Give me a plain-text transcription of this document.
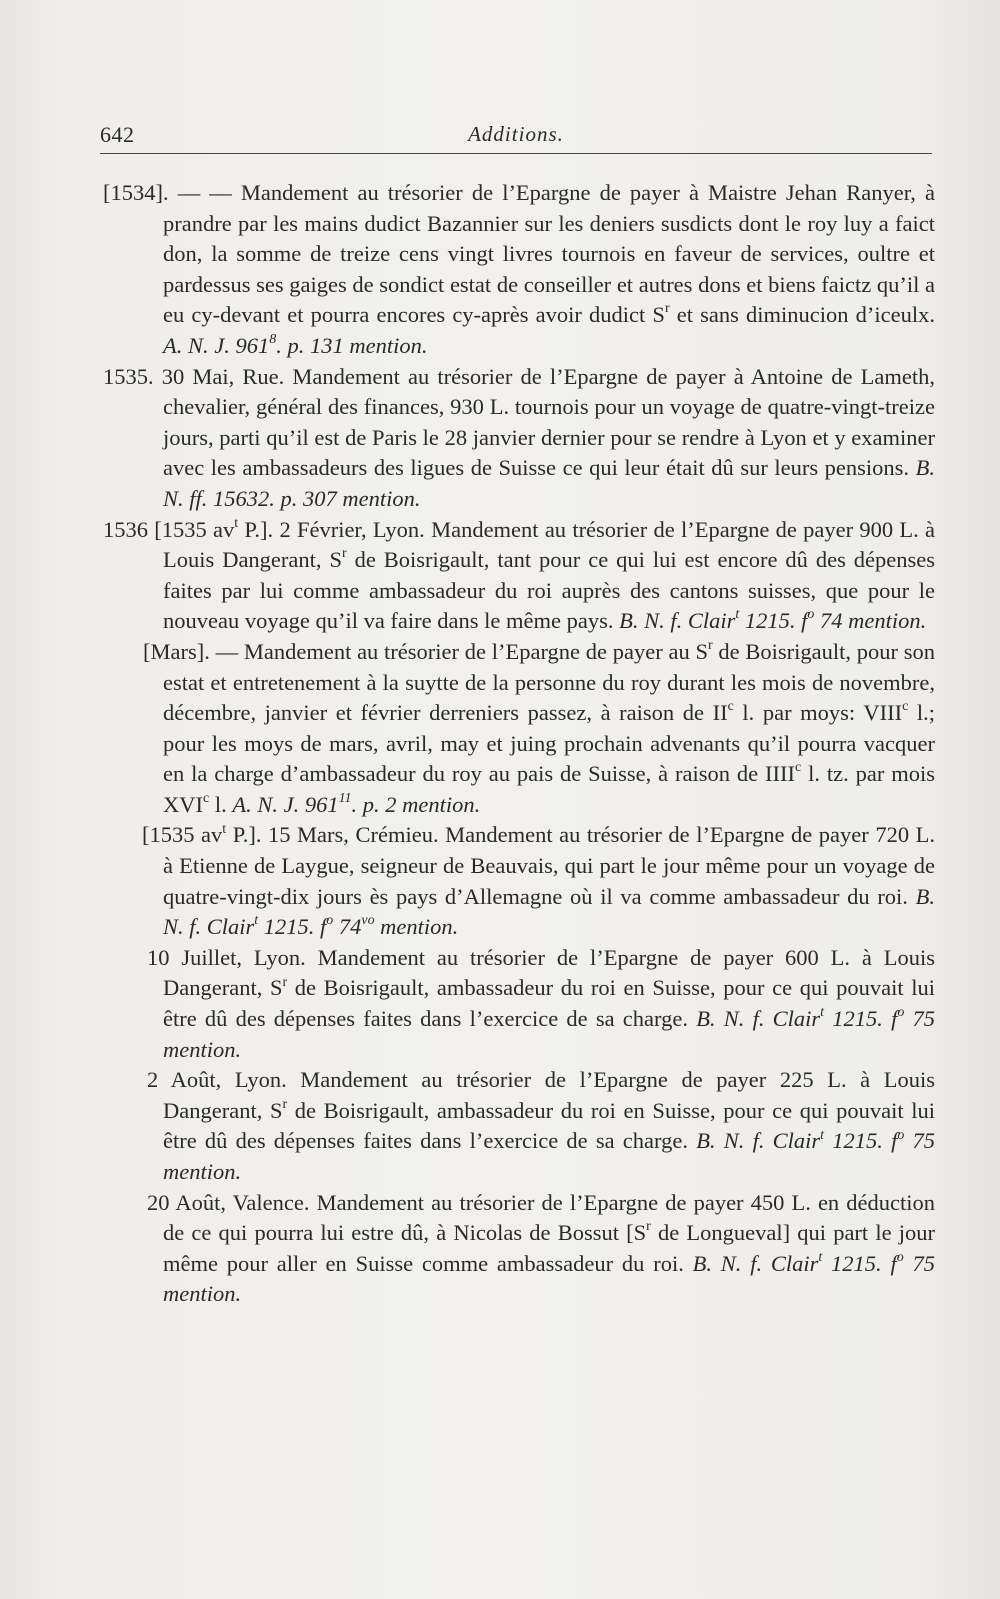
642	Additions.

[1534]. — — Mandement au trésorier de l’Epargne de payer à Maistre Jehan Ranyer, à prandre par les mains dudict Bazannier sur les deniers susdicts dont le roy luy a faict don, la somme de treize cens vingt livres tournois en faveur de services, oultre et pardessus ses gaiges de sondict estat de conseiller et autres dons et biens faictz qu’il a eu cy-devant et pourra encores cy-après avoir dudict $S^r$ et sans diminucion d’iceulx. A. N. J. $961^8$. p. 131 mention.

1535. 30 Mai, Rue. Mandement au trésorier de l’Epargne de payer à Antoine de Lameth, chevalier, général des finances, 930 L. tournois pour un voyage de quatre-vingt-treize jours, parti qu’il est de Paris le 28 janvier dernier pour se rendre à Lyon et y examiner avec les ambassadeurs des ligues de Suisse ce qui leur était dû sur leurs pensions. B. N. ff. 15632. p. 307 mention.

1536 [1535 $av^t$ P.]. 2 Février, Lyon. Mandement au trésorier de l’Epargne de payer 900 L. à Louis Dangerant, $S^r$ de Boisrigault, tant pour ce qui lui est encore dû des dépenses faites par lui comme ambassadeur du roi auprès des cantons suisses, que pour le nouveau voyage qu’il va faire dans le même pays. B. N. f. Clair$^t$ 1215. $f^o$ 74 mention.

[Mars]. — Mandement au trésorier de l’Epargne de payer au $S^r$ de Boisrigault, pour son estat et entretenement à la suytte de la personne du roy durant les mois de novembre, décembre, janvier et février derreniers passez, à raison de $II^c$ l. par moys: VIII$^c$ l.; pour les moys de mars, avril, may et juing prochain advenants qu’il pourra vacquer en la charge d’ambassadeur du roy au pais de Suisse, à raison de IIII$^c$ l. tz. par mois XVI$^c$ l. A. N. J. $961^{11}$. p. 2 mention.

[1535 $av^t$ P.]. 15 Mars, Crémieu. Mandement au trésorier de l’Epargne de payer 720 L. à Etienne de Laygue, seigneur de Beauvais, qui part le jour même pour un voyage de quatre-vingt-dix jours ès pays d’Allemagne où il va comme ambassadeur du roi. B. N. f. Clair$^t$ 1215. $f^o$ $74^{vo}$ mention.

10 Juillet, Lyon. Mandement au trésorier de l’Epargne de payer 600 L. à Louis Dangerant, $S^r$ de Boisrigault, ambassadeur du roi en Suisse, pour ce qui pouvait lui être dû des dépenses faites dans l’exercice de sa charge. B. N. f. Clair$^t$ 1215. $f^o$ 75 mention.

2 Août, Lyon. Mandement au trésorier de l’Epargne de payer 225 L. à Louis Dangerant, $S^r$ de Boisrigault, ambassadeur du roi en Suisse, pour ce qui pouvait lui être dû des dépenses faites dans l’exercice de sa charge. B. N. f. Clair$^t$ 1215. $f^o$ 75 mention.

20 Août, Valence. Mandement au trésorier de l’Epargne de payer 450 L. en déduction de ce qui pourra lui estre dû, à Nicolas de Bossut [$S^r$ de Longueval] qui part le jour même pour aller en Suisse comme ambassadeur du roi. B. N. f. Clair$^t$ 1215. $f^o$ 75 mention.
